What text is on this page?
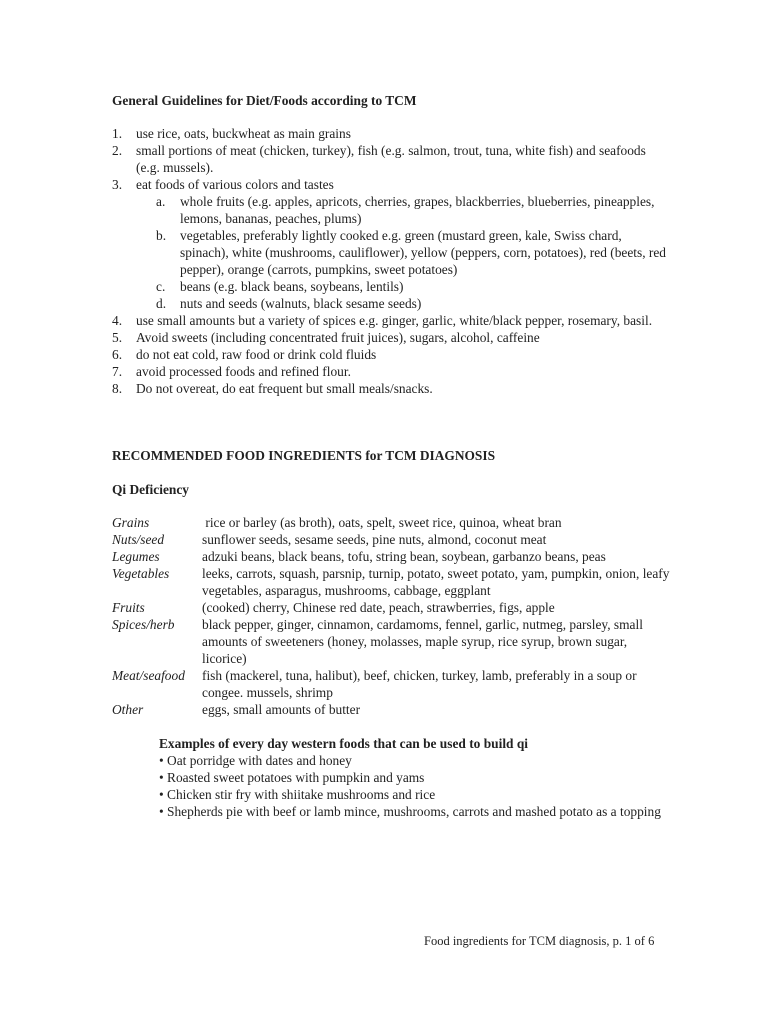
General Guidelines for Diet/Foods according to TCM

1. use rice, oats, buckwheat as main grains
2. small portions of meat (chicken, turkey), fish (e.g. salmon, trout, tuna, white fish) and seafoods (e.g. mussels).
3. eat foods of various colors and tastes
a. whole fruits (e.g. apples, apricots, cherries, grapes, blackberries, blueberries, pineapples, lemons, bananas, peaches, plums)
b. vegetables, preferably lightly cooked e.g. green (mustard green, kale, Swiss chard, spinach), white (mushrooms, cauliflower), yellow (peppers, corn, potatoes), red (beets, red pepper), orange (carrots, pumpkins, sweet potatoes)
c. beans (e.g. black beans, soybeans, lentils)
d. nuts and seeds (walnuts, black sesame seeds)
4. use small amounts but a variety of spices e.g. ginger, garlic, white/black pepper, rosemary, basil.
5. Avoid sweets (including concentrated fruit juices), sugars, alcohol, caffeine
6. do not eat cold, raw food or drink cold fluids
7. avoid processed foods and refined flour.
8. Do not overeat, do eat frequent but small meals/snacks.

RECOMMENDED FOOD INGREDIENTS for TCM DIAGNOSIS

Qi Deficiency

Grains	rice or barley (as broth), oats, spelt, sweet rice, quinoa, wheat bran
Nuts/seed	sunflower seeds, sesame seeds, pine nuts, almond, coconut meat
Legumes	adzuki beans, black beans, tofu, string bean, soybean, garbanzo beans, peas
Vegetables	leeks, carrots, squash, parsnip, turnip, potato, sweet potato, yam, pumpkin, onion, leafy vegetables, asparagus, mushrooms, cabbage, eggplant
Fruits	(cooked) cherry, Chinese red date, peach, strawberries, figs, apple
Spices/herb	black pepper, ginger, cinnamon, cardamoms, fennel, garlic, nutmeg, parsley, small amounts of sweeteners (honey, molasses, maple syrup, rice syrup, brown sugar, licorice)
Meat/seafood	fish (mackerel, tuna, halibut), beef, chicken, turkey, lamb, preferably in a soup or congee. mussels, shrimp
Other	eggs, small amounts of butter
Examples of every day western foods that can be used to build qi
• Oat porridge with dates and honey
• Roasted sweet potatoes with pumpkin and yams
• Chicken stir fry with shiitake mushrooms and rice
• Shepherds pie with beef or lamb mince, mushrooms, carrots and mashed potato as a topping
Food ingredients for TCM diagnosis, p. 1 of 6
